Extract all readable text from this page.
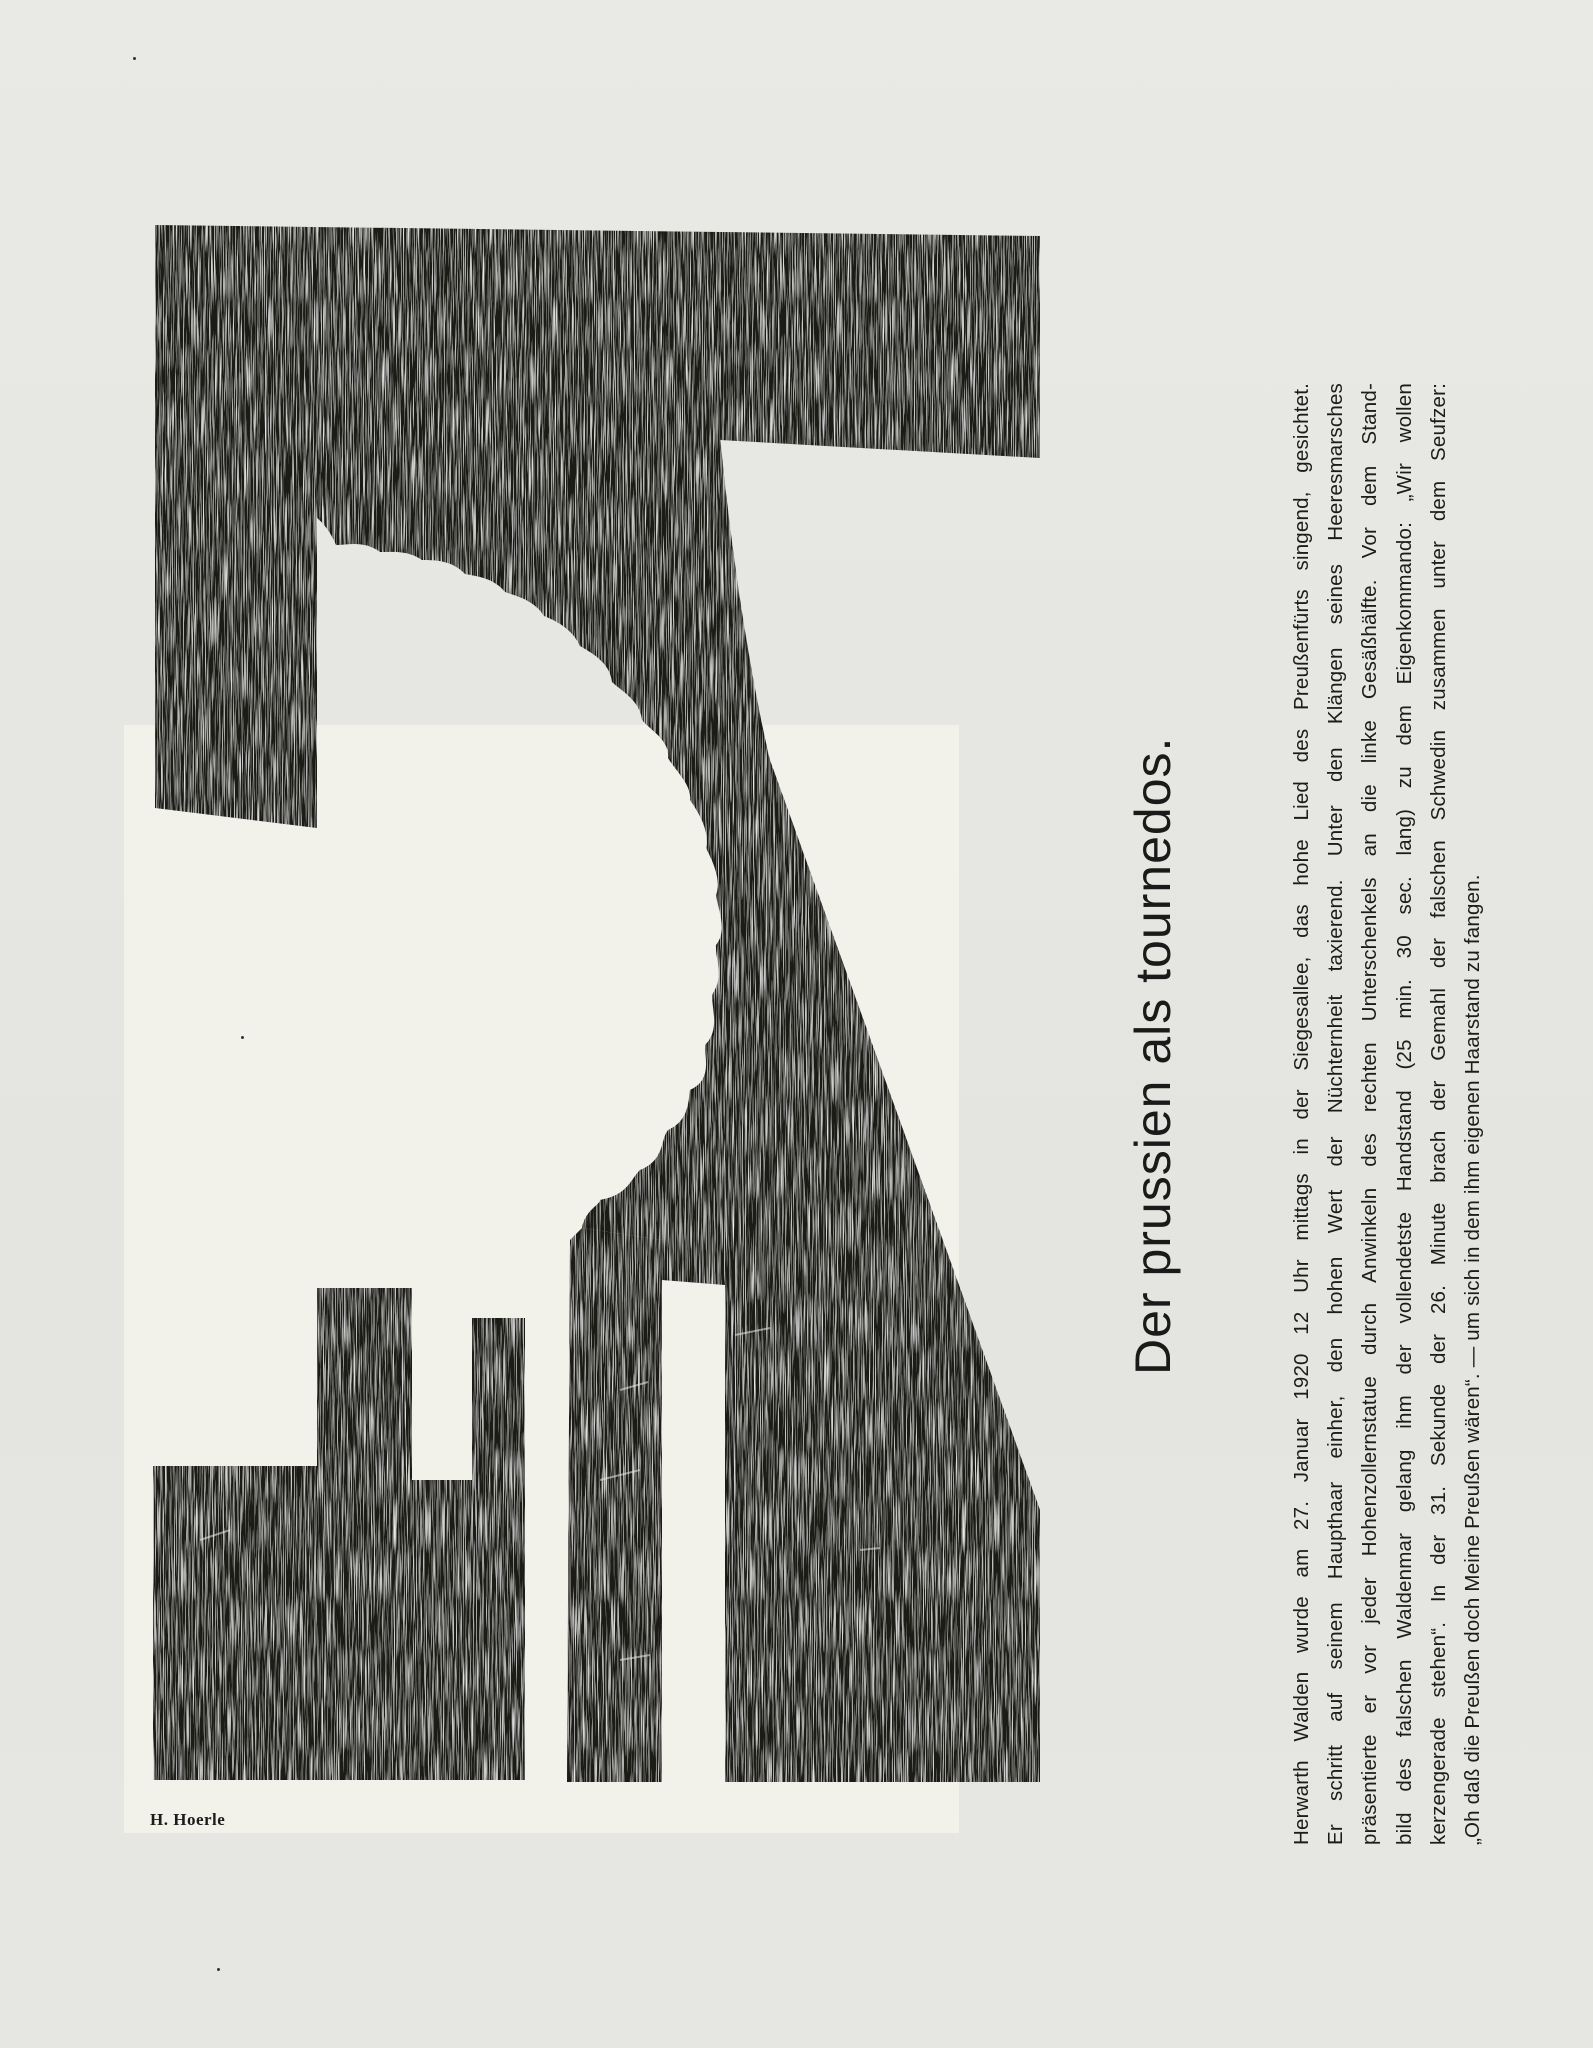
H. Hoerle
Der prussien als tournedos.	Herwarth Walden wurde am 27. Januar 1920 12 Uhr mittags in der Siegesallee, das hohe Lied des Preußenfürts singend, gesichtet. Er schritt auf seinem Haupthaar einher, den hohen Wert der Nüchternheit taxierend. Unter den Klängen seines Heeresmarsches präsentierte er vor jeder Hohenzollernstatue durch Anwinkeln des rechten Unterschenkels an die linke Gesäßhälfte. Vor dem Stand- bild des falschen Waldenmar gelang ihm der vollendetste Handstand (25 min. 30 sec. lang) zu dem Eigenkommando: „Wir wollen kerzengerade stehen“. In der 31. Sekunde der 26. Minute brach der Gemahl der falschen Schwedin zusammen unter dem Seufzer: „Oh daß die Preußen doch Meine Preußen wären“. — um sich in dem ihm eigenen Haarstand zu fangen.
